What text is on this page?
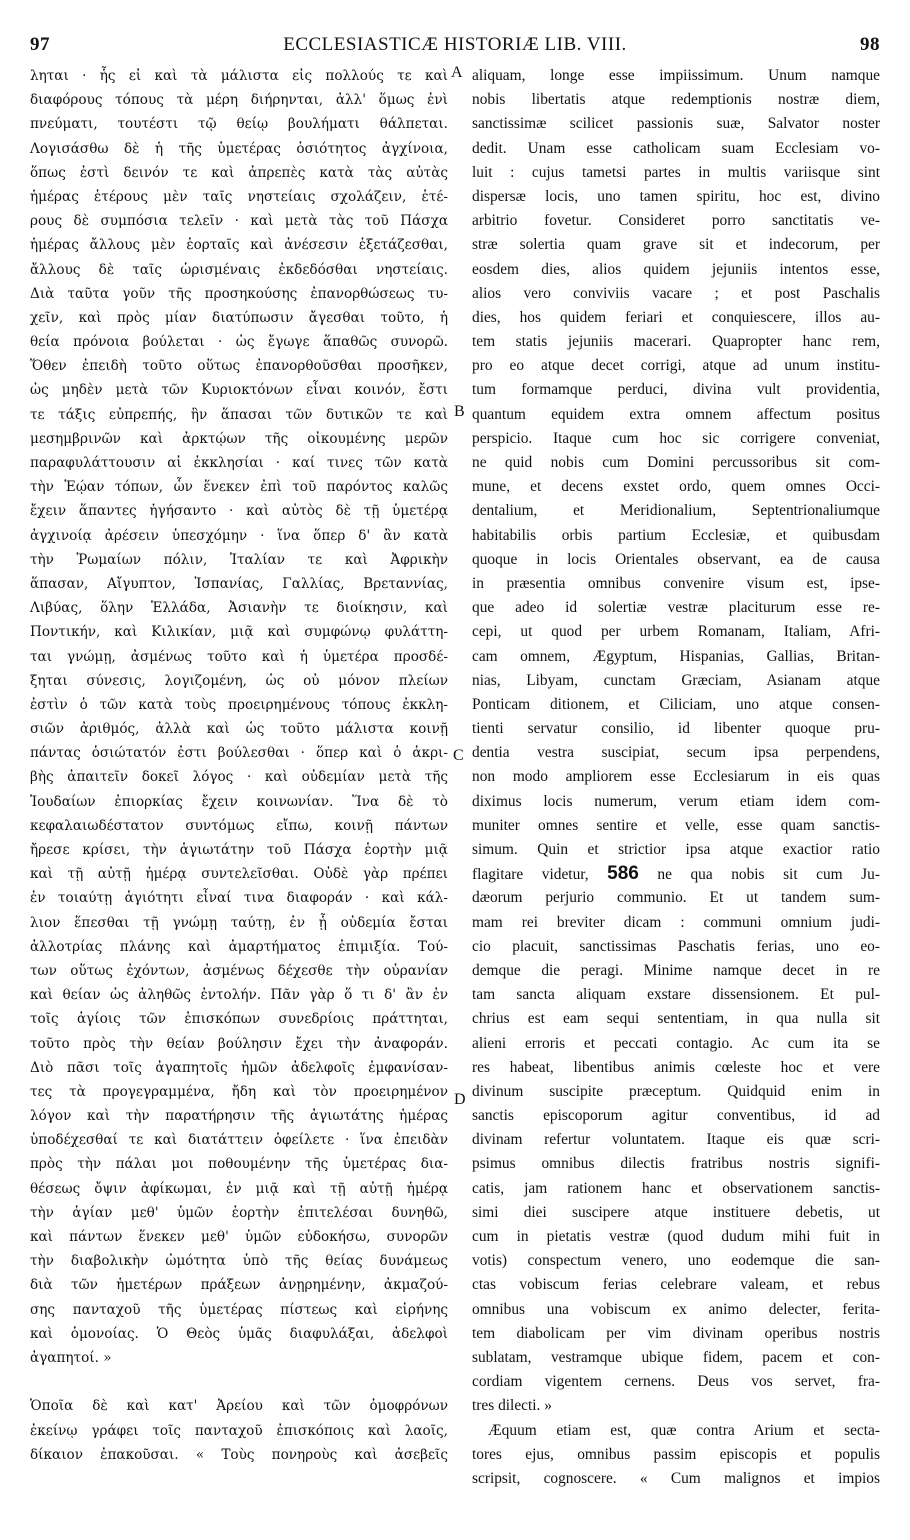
97	ECCLESIASTICÆ HISTORIÆ LIB. VIII.	98
ληται · ἧς εἰ καὶ τὰ μάλιστα εἰς πολλούς τε καὶ
διαφόρους τόπους τὰ μέρη διήρηνται, ἀλλ' ὅμως ἑνὶ
πνεύματι, τουτέστι τῷ θείῳ βουλήματι θάλπεται.
Λογισάσθω δὲ ἡ τῆς ὑμετέρας ὁσιότητος ἀγχίνοια,
ὅπως ἐστὶ δεινόν τε καὶ ἀπρεπὲς κατὰ τὰς αὐτὰς
ἡμέρας ἑτέρους μὲν ταῖς νηστείαις σχολάζειν, ἑτέ-
ρους δὲ συμπόσια τελεῖν · καὶ μετὰ τὰς τοῦ Πάσχα
ἡμέρας ἄλλους μὲν ἑορταῖς καὶ ἀνέσεσιν ἐξετάζεσθαι,
ἄλλους δὲ ταῖς ὡρισμέναις ἐκδεδόσθαι νηστείαις.
Διὰ ταῦτα γοῦν τῆς προσηκούσης ἐπανορθώσεως τυ-
χεῖν, καὶ πρὸς μίαν διατύπωσιν ἄγεσθαι τοῦτο, ἡ
θεία πρόνοια βούλεται · ὡς ἔγωγε ἅπαθῶς συνορῶ.
Ὅθεν ἐπειδὴ τοῦτο οὕτως ἐπανορθοῦσθαι προσῆκεν,
ὡς μηδὲν μετὰ τῶν Κυριοκτόνων εἶναι κοινόν, ἔστι
τε τάξις εὐπρεπής, ἣν ἅπασαι τῶν δυτικῶν τε καὶ
μεσημβρινῶν καὶ ἀρκτῴων τῆς οἰκουμένης μερῶν
παραφυλάττουσιν αἱ ἐκκλησίαι · καί τινες τῶν κατὰ
τὴν Ἑῴαν τόπων, ὧν ἕνεκεν ἐπὶ τοῦ παρόντος καλῶς
ἔχειν ἅπαντες ἡγήσαντο · καὶ αὐτὸς δὲ τῇ ὑμετέρᾳ
ἀγχινοίᾳ ἀρέσειν ὑπεσχόμην · ἵνα ὅπερ δ' ἂν κατὰ
τὴν Ῥωμαίων πόλιν, Ἰταλίαν τε καὶ Ἀφρικὴν
ἅπασαν, Αἴγυπτον, Ἱσπανίας, Γαλλίας, Βρεταννίας,
Λιβύας, ὅλην Ἑλλάδα, Ἀσιανὴν τε διοίκησιν, καὶ
Ποντικήν, καὶ Κιλικίαν, μιᾷ καὶ συμφώνῳ φυλάττη-
ται γνώμῃ, ἀσμένως τοῦτο καὶ ἡ ὑμετέρα προσδέ-
ξηται σύνεσις, λογιζομένη, ὡς οὐ μόνον πλείων
ἐστὶν ὁ τῶν κατὰ τοὺς προειρημένους τόπους ἐκκλη-
σιῶν ἀριθμός, ἀλλὰ καὶ ὡς τοῦτο μάλιστα κοινῇ
πάντας ὁσιώτατόν ἐστι βούλεσθαι · ὅπερ καὶ ὁ ἀκρι-
βὴς ἀπαιτεῖν δοκεῖ λόγος · καὶ οὐδεμίαν μετὰ τῆς
Ἰουδαίων ἐπιορκίας ἔχειν κοινωνίαν. Ἵνα δὲ τὸ
κεφαλαιωδέστατον συντόμως εἴπω, κοινῇ πάντων
ἤρεσε κρίσει, τὴν ἁγιωτάτην τοῦ Πάσχα ἑορτὴν μιᾷ
καὶ τῇ αὐτῇ ἡμέρᾳ συντελεῖσθαι. Οὐδὲ γὰρ πρέπει
ἐν τοιαύτῃ ἁγιότητι εἶναί τινα διαφοράν · καὶ κάλ-
λιον ἕπεσθαι τῇ γνώμῃ ταύτῃ, ἐν ᾗ οὐδεμία ἔσται
ἀλλοτρίας πλάνης καὶ ἁμαρτήματος ἐπιμιξία. Τού-
των οὕτως ἐχόντων, ἀσμένως δέχεσθε τὴν οὐρανίαν
καὶ θείαν ὡς ἀληθῶς ἐντολήν. Πᾶν γὰρ ὅ τι δ' ἂν ἐν
τοῖς ἁγίοις τῶν ἐπισκόπων συνεδρίοις πράττηται,
τοῦτο πρὸς τὴν θείαν βούλησιν ἔχει τὴν ἀναφοράν.
Διὸ πᾶσι τοῖς ἀγαπητοῖς ἡμῶν ἀδελφοῖς ἐμφανίσαν-
τες τὰ προγεγραμμένα, ἤδη καὶ τὸν προειρημένον
λόγον καὶ τὴν παρατήρησιν τῆς ἁγιωτάτης ἡμέρας
ὑποδέχεσθαί τε καὶ διατάττειν ὀφείλετε · ἵνα ἐπειδὰν
πρὸς τὴν πάλαι μοι ποθουμένην τῆς ὑμετέρας δια-
θέσεως ὄψιν ἀφίκωμαι, ἐν μιᾷ καὶ τῇ αὐτῇ ἡμέρᾳ
τὴν ἁγίαν μεθ' ὑμῶν ἑορτὴν ἐπιτελέσαι δυνηθῶ,
καὶ πάντων ἕνεκεν μεθ' ὑμῶν εὐδοκήσω, συνορῶν
τὴν διαβολικὴν ὠμότητα ὑπὸ τῆς θείας δυνάμεως
διὰ τῶν ἡμετέρων πράξεων ἀνῃρημένην, ἀκμαζού-
σης πανταχοῦ τῆς ὑμετέρας πίστεως καὶ εἰρήνης
καὶ ὁμονοίας. Ὁ Θεὸς ὑμᾶς διαφυλάξαι, ἀδελφοὶ
ἀγαπητοί. »
Ὁποῖα δὲ καὶ κατ' Ἀρείου καὶ τῶν ὁμοφρόνων
ἐκείνῳ γράφει τοῖς πανταχοῦ ἐπισκόποις καὶ λαοῖς,
δίκαιον ἐπακοῦσαι. « Τοὺς πονηροὺς καὶ ἀσεβεῖς
aliquam, longe esse impiissimum. Unum namque
nobis libertatis atque redemptionis nostræ diem,
sanctissimæ scilicet passionis suæ, Salvator noster
dedit. Unam esse catholicam suam Ecclesiam vo-
luit : cujus tametsi partes in multis variisque sint
dispersæ locis, uno tamen spiritu, hoc est, divino
arbitrio fovetur. Consideret porro sanctitatis ve-
stræ solertia quam grave sit et indecorum, per
eosdem dies, alios quidem jejuniis intentos esse,
alios vero conviviis vacare ; et post Paschalis
dies, hos quidem feriari et conquiescere, illos au-
tem statis jejuniis macerari. Quapropter hanc rem,
pro eo atque decet corrigi, atque ad unum institu-
tum formamque perduci, divina vult providentia,
quantum equidem extra omnem affectum positus
perspicio. Itaque cum hoc sic corrigere conveniat,
ne quid nobis cum Domini percussoribus sit com-
mune, et decens exstet ordo, quem omnes Occi-
dentalium, et Meridionalium, Septentrionaliumque
habitabilis orbis partium Ecclesiæ, et quibusdam
quoque in locis Orientales observant, ea de causa
in præsentia omnibus convenire visum est, ipse-
que adeo id solertiæ vestræ placiturum esse re-
cepi, ut quod per urbem Romanam, Italiam, Afri-
cam omnem, Ægyptum, Hispanias, Gallias, Britan-
nias, Libyam, cunctam Græciam, Asianam atque
Ponticam ditionem, et Ciliciam, uno atque consen-
tienti servatur consilio, id libenter quoque pru-
dentia vestra suscipiat, secum ipsa perpendens,
non modo ampliorem esse Ecclesiarum in eis quas
diximus locis numerum, verum etiam idem com-
muniter omnes sentire et velle, esse quam sanctis-
simum. Quin et strictior ipsa atque exactior ratio
flagitare videtur, 586 ne qua nobis sit cum Ju-
dæorum perjurio communio. Et ut tandem sum-
mam rei breviter dicam : communi omnium judi-
cio placuit, sanctissimas Paschatis ferias, uno eo-
demque die peragi. Minime namque decet in re
tam sancta aliquam exstare dissensionem. Et pul-
chrius est eam sequi sententiam, in qua nulla sit
alieni erroris et peccati contagio. Ac cum ita se
res habeat, libentibus animis cœleste hoc et vere
divinum suscipite præceptum. Quidquid enim in
sanctis episcoporum agitur conventibus, id ad
divinam refertur voluntatem. Itaque eis quæ scri-
psimus omnibus dilectis fratribus nostris signifi-
catis, jam rationem hanc et observationem sanctis-
simi diei suscipere atque instituere debetis, ut
cum in pietatis vestræ (quod dudum mihi fuit in
votis) conspectum venero, uno eodemque die san-
ctas vobiscum ferias celebrare valeam, et rebus
omnibus una vobiscum ex animo delecter, ferita-
tem diabolicam per vim divinam operibus nostris
sublatam, vestramque ubique fidem, pacem et con-
cordiam vigentem cernens. Deus vos servet, fra-
tres dilecti. »
Æquum etiam est, quæ contra Arium et secta-
tores ejus, omnibus passim episcopis et populis
scripsit, cognoscere. « Cum malignos et impios
A
B
C
D
